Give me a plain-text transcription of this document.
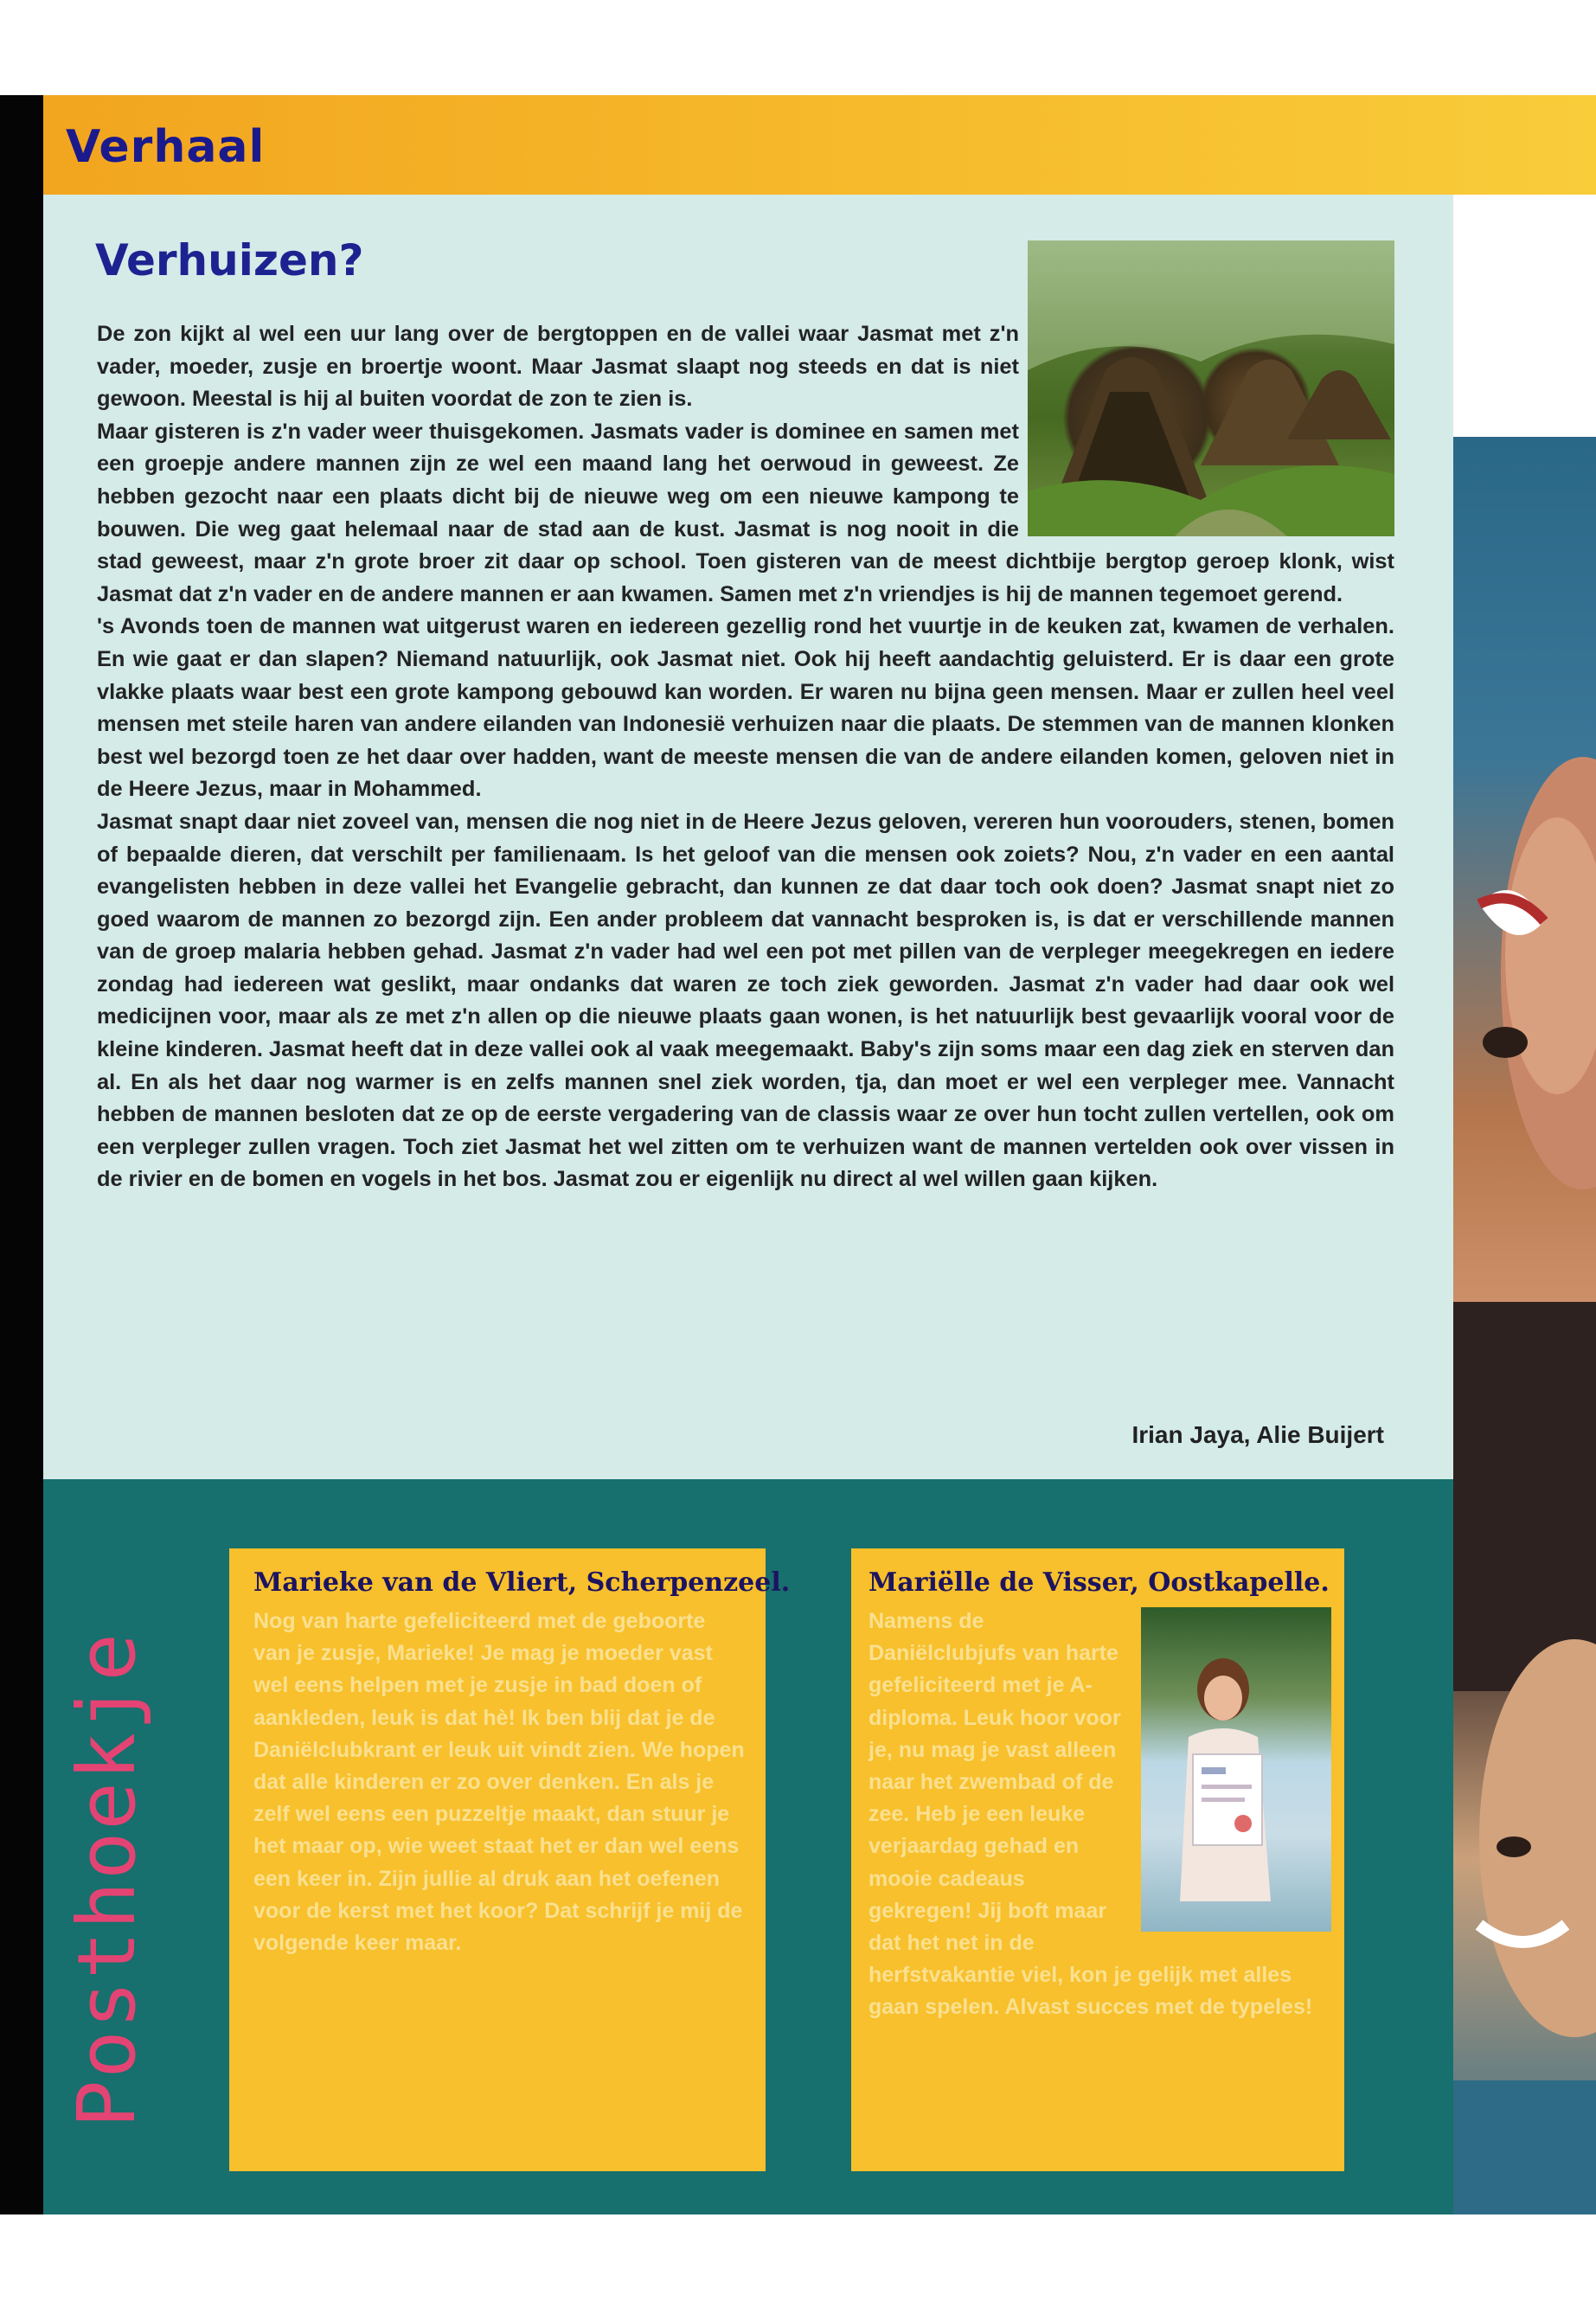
Verhaal
Verhuizen?

De zon kijkt al wel een uur lang over de bergtoppen en de vallei waar Jasmat met z'n vader, moeder, zusje en broertje woont. Maar Jasmat slaapt nog steeds en dat is niet gewoon. Meestal is hij al buiten voordat de zon te zien is.

Maar gisteren is z'n vader weer thuisgekomen. Jasmats vader is dominee en samen met een groepje andere mannen zijn ze wel een maand lang het oerwoud in geweest. Ze hebben gezocht naar een plaats dicht bij de nieuwe weg om een nieuwe kampong te bouwen. Die weg gaat helemaal naar de stad aan de kust. Jasmat is nog nooit in die stad geweest, maar z'n grote broer zit daar op school. Toen gisteren van de meest dichtbije bergtop geroep klonk, wist Jasmat dat z'n vader en de andere mannen er aan kwamen. Samen met z'n vriendjes is hij de mannen tegemoet gerend.

's Avonds toen de mannen wat uitgerust waren en iedereen gezellig rond het vuurtje in de keuken zat, kwamen de verhalen. En wie gaat er dan slapen? Niemand natuurlijk, ook Jasmat niet. Ook hij heeft aandachtig geluisterd. Er is daar een grote vlakke plaats waar best een grote kampong gebouwd kan worden. Er waren nu bijna geen mensen. Maar er zullen heel veel mensen met steile haren van andere eilanden van Indonesië verhuizen naar die plaats. De stemmen van de mannen klonken best wel bezorgd toen ze het daar over hadden, want de meeste mensen die van de andere eilanden komen, geloven niet in de Heere Jezus, maar in Mohammed.

Jasmat snapt daar niet zoveel van, mensen die nog niet in de Heere Jezus geloven, vereren hun voorouders, stenen, bomen of bepaalde dieren, dat verschilt per familienaam. Is het geloof van die mensen ook zoiets? Nou, z'n vader en een aantal evangelisten hebben in deze vallei het Evangelie gebracht, dan kunnen ze dat daar toch ook doen? Jasmat snapt niet zo goed waarom de mannen zo bezorgd zijn. Een ander probleem dat vannacht besproken is, is dat er verschillende mannen van de groep malaria hebben gehad. Jasmat z'n vader had wel een pot met pillen van de verpleger meegekregen en iedere zondag had iedereen wat geslikt, maar ondanks dat waren ze toch ziek geworden. Jasmat z'n vader had daar ook wel medicijnen voor, maar als ze met z'n allen op die nieuwe plaats gaan wonen, is het natuurlijk best gevaarlijk vooral voor de kleine kinderen. Jasmat heeft dat in deze vallei ook al vaak meegemaakt. Baby's zijn soms maar een dag ziek en sterven dan al. En als het daar nog warmer is en zelfs mannen snel ziek worden, tja, dan moet er wel een verpleger mee. Vannacht hebben de mannen besloten dat ze op de eerste vergadering van de classis waar ze over hun tocht zullen vertellen, ook om een verpleger zullen vragen. Toch ziet Jasmat het wel zitten om te verhuizen want de mannen vertelden ook over vissen in de rivier en de bomen en vogels in het bos. Jasmat zou er eigenlijk nu direct al wel willen gaan kijken.

Irian Jaya, Alie Buijert
Posthoekje
Marieke van de Vliert, Scherpenzeel.

Nog van harte gefeliciteerd met de geboorte van je zusje, Marieke! Je mag je moeder vast wel eens helpen met je zusje in bad doen of aankleden, leuk is dat hè! Ik ben blij dat je de Daniëlclubkrant er leuk uit vindt zien. We hopen dat alle kinderen er zo over denken. En als je zelf wel eens een puzzeltje maakt, dan stuur je het maar op, wie weet staat het er dan wel eens een keer in. Zijn jullie al druk aan het oefenen voor de kerst met het koor? Dat schrijf je mij de volgende keer maar.

Mariëlle de Visser, Oostkapelle.
Namens de Daniëlclubjufs van harte gefeliciteerd met je A-diploma. Leuk hoor voor je, nu mag je vast alleen naar het zwembad of de zee. Heb je een leuke verjaardag gehad en mooie cadeaus gekregen! Jij boft maar dat het net in de herfstvakantie viel, kon je gelijk met alles gaan spelen. Alvast succes met de typeles!
